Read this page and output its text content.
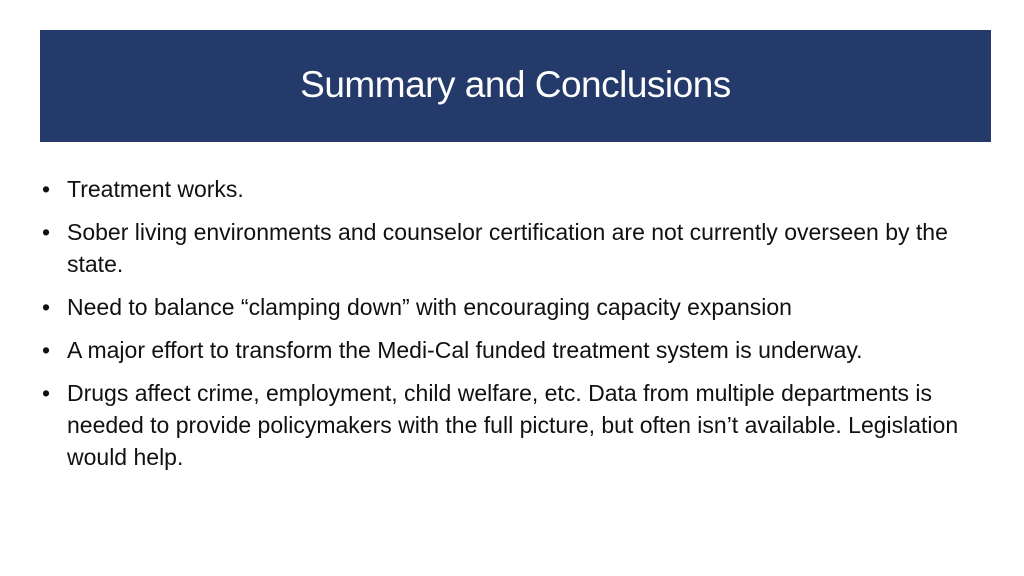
Summary and Conclusions
• Treatment works.
• Sober living environments and counselor certification are not currently overseen by the state.
• Need to balance “clamping down” with encouraging capacity expansion
• A major effort to transform the Medi-Cal funded treatment system is underway.
• Drugs affect crime, employment, child welfare, etc. Data from multiple departments is needed to provide policymakers with the full picture, but often isn’t available. Legislation would help.
